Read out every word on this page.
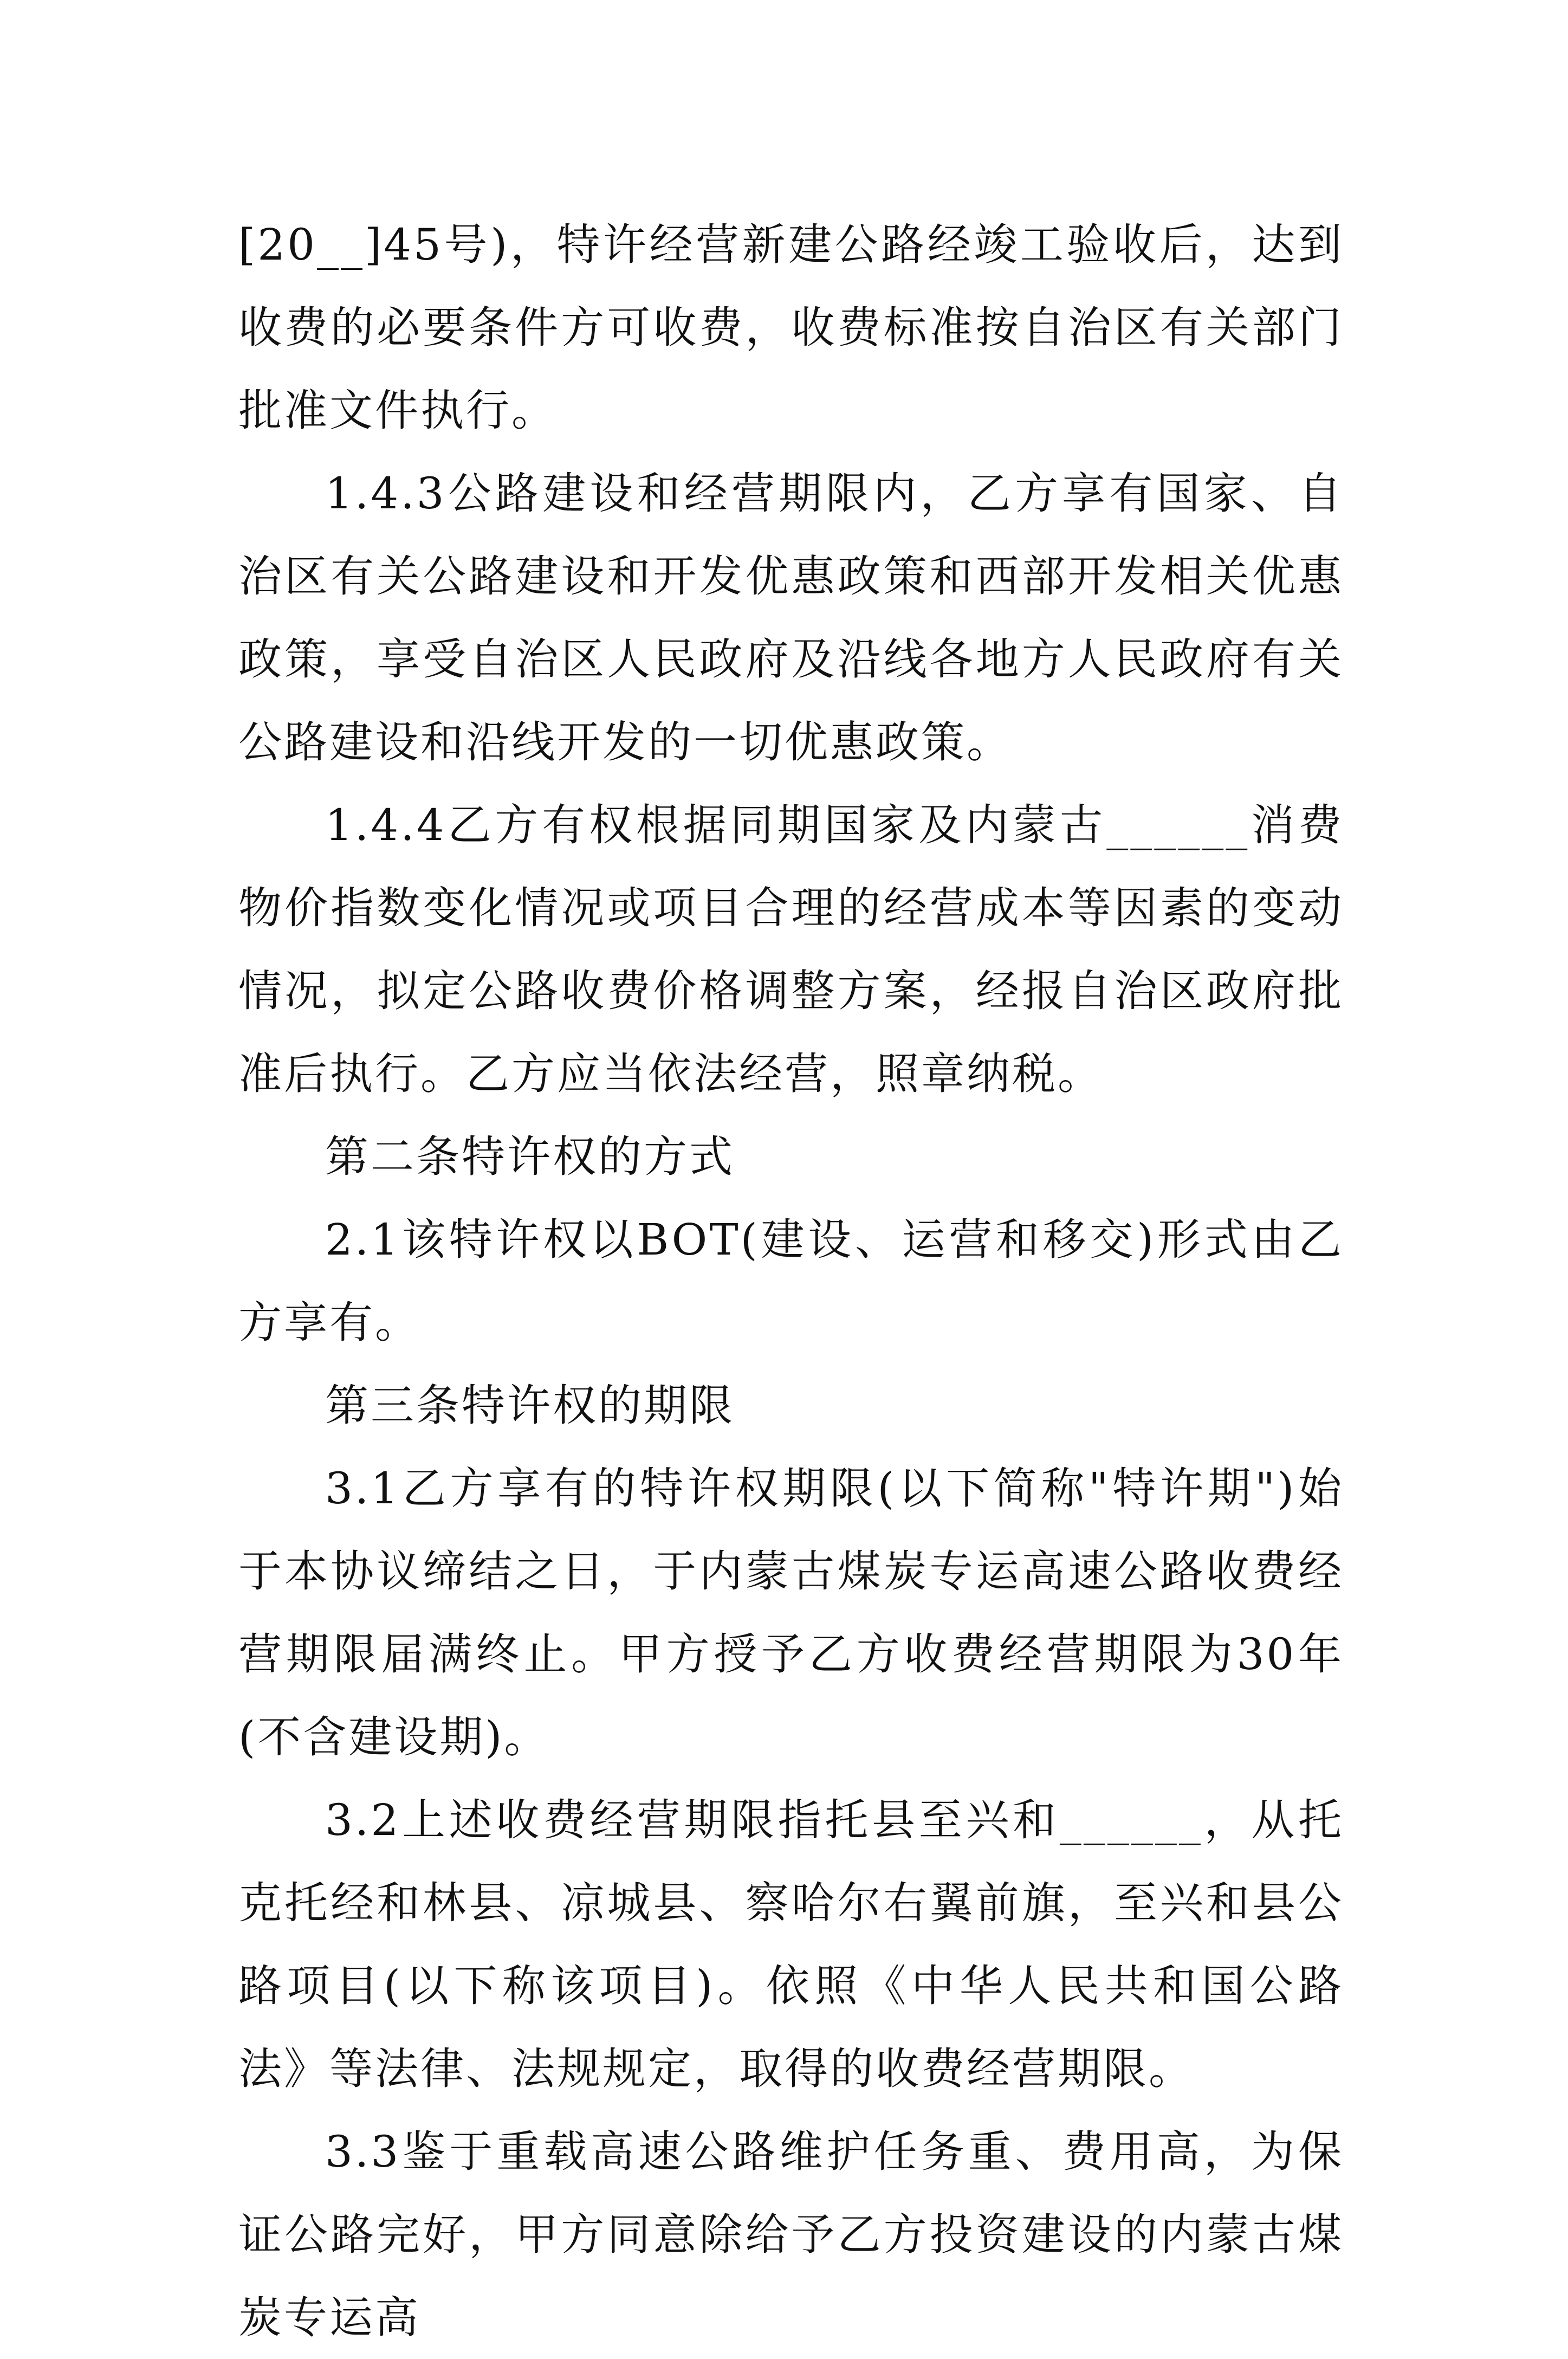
[20__]45号)，特许经营新建公路经竣工验收后，达到收费的必要条件方可收费，收费标准按自治区有关部门批准文件执行。

1.4.3公路建设和经营期限内，乙方享有国家、自治区有关公路建设和开发优惠政策和西部开发相关优惠政策，享受自治区人民政府及沿线各地方人民政府有关公路建设和沿线开发的一切优惠政策。

1.4.4乙方有权根据同期国家及内蒙古______消费物价指数变化情况或项目合理的经营成本等因素的变动情况，拟定公路收费价格调整方案，经报自治区政府批准后执行。乙方应当依法经营，照章纳税。

第二条特许权的方式

2.1该特许权以BOT(建设、运营和移交)形式由乙方享有。

第三条特许权的期限

3.1乙方享有的特许权期限(以下简称"特许期")始于本协议缔结之日，于内蒙古煤炭专运高速公路收费经营期限届满终止。甲方授予乙方收费经营期限为30年(不含建设期)。

3.2上述收费经营期限指托县至兴和______，从托克托经和林县、凉城县、察哈尔右翼前旗，至兴和县公路项目(以下称该项目)。依照《中华人民共和国公路法》等法律、法规规定，取得的收费经营期限。

3.3鉴于重载高速公路维护任务重、费用高，为保证公路完好，甲方同意除给予乙方投资建设的内蒙古煤炭专运高
